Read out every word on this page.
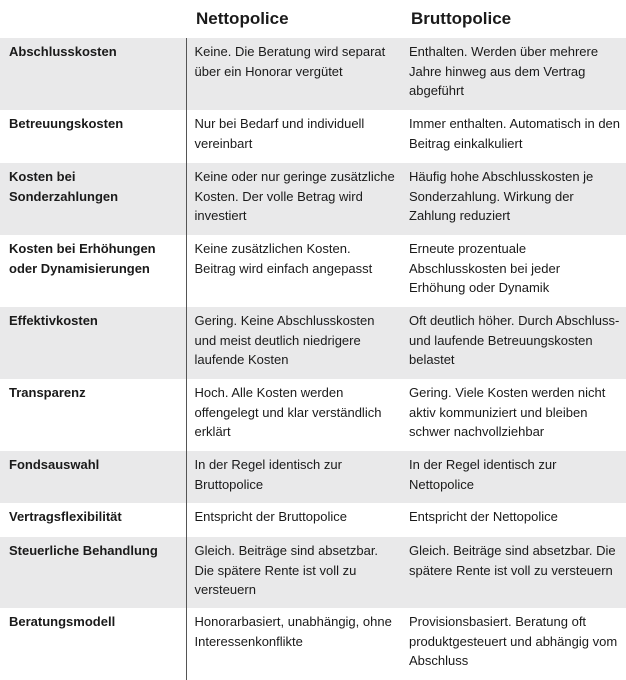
	Nettopolice	Bruttopolice
Abschlusskosten	Keine. Die Beratung wird separat über ein Honorar vergütet	Enthalten. Werden über mehrere Jahre hinweg aus dem Vertrag abgeführt
Betreuungskosten	Nur bei Bedarf und individuell vereinbart	Immer enthalten. Automatisch in den Beitrag einkalkuliert
Kosten bei Sonderzahlungen	Keine oder nur geringe zusätzliche Kosten. Der volle Betrag wird investiert	Häufig hohe Abschlusskosten je Sonderzahlung. Wirkung der Zahlung reduziert
Kosten bei Erhöhungen oder Dynamisierungen	Keine zusätzlichen Kosten. Beitrag wird einfach angepasst	Erneute prozentuale Abschlusskosten bei jeder Erhöhung oder Dynamik
Effektivkosten	Gering. Keine Abschlusskosten und meist deutlich niedrigere laufende Kosten	Oft deutlich höher. Durch Abschluss- und laufende Betreuungskosten belastet
Transparenz	Hoch. Alle Kosten werden offengelegt und klar verständlich erklärt	Gering. Viele Kosten werden nicht aktiv kommuniziert und bleiben schwer nachvollziehbar
Fondsauswahl	In der Regel identisch zur Bruttopolice	In der Regel identisch zur Nettopolice
Vertragsflexibilität	Entspricht der Bruttopolice	Entspricht der Nettopolice
Steuerliche Behandlung	Gleich. Beiträge sind absetzbar. Die spätere Rente ist voll zu versteuern	Gleich. Beiträge sind absetzbar. Die spätere Rente ist voll zu versteuern
Beratungsmodell	Honorarbasiert, unabhängig, ohne Interessenkonflikte	Provisionsbasiert. Beratung oft produktgesteuert und abhängig vom Abschluss
